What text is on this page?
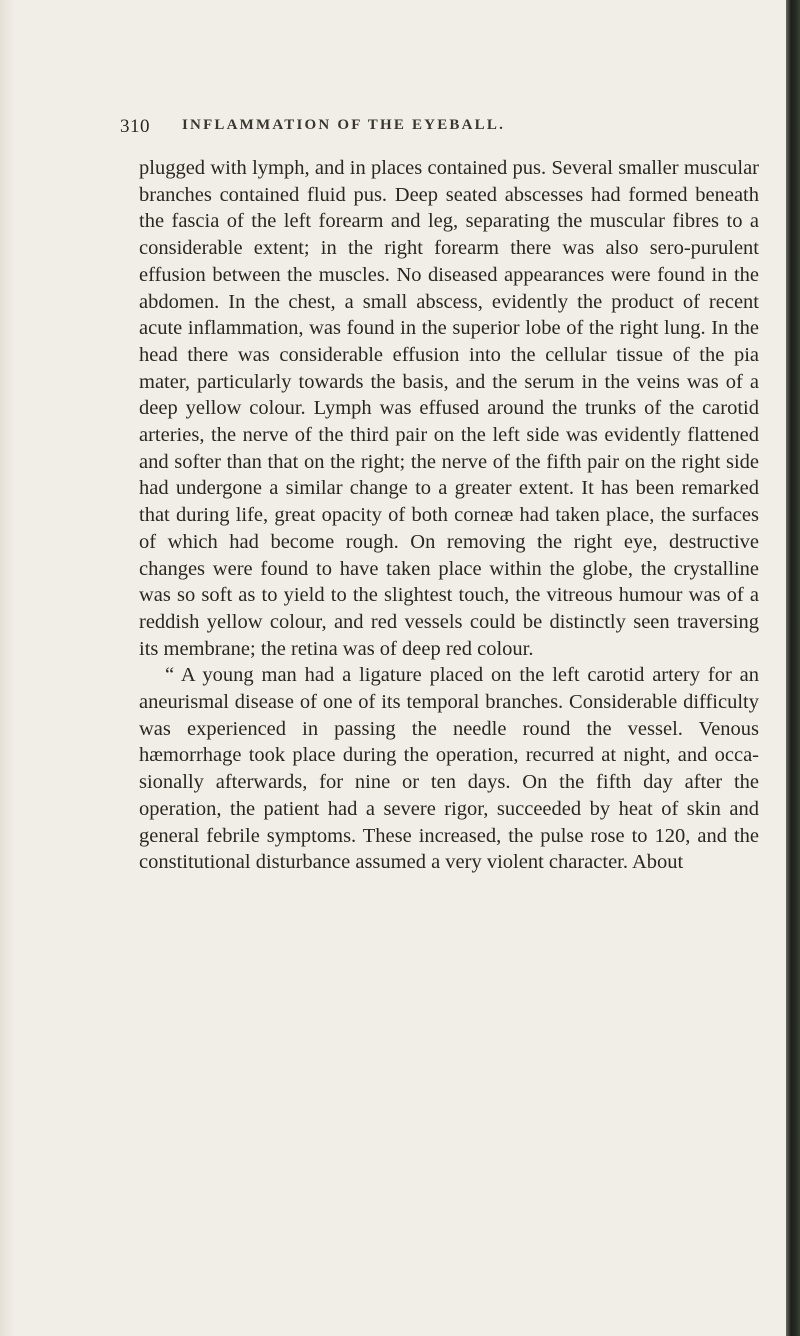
310 INFLAMMATION OF THE EYEBALL.

plugged with lymph, and in places contained pus. Several smaller muscular branches contained fluid pus. Deep seated abscesses had formed beneath the fascia of the left forearm and leg, separating the muscular fibres to a considerable extent; in the right forearm there was also sero-purulent effusion between the muscles. No diseased appearances were found in the abdomen. In the chest, a small abscess, evidently the product of recent acute inflammation, was found in the superior lobe of the right lung. In the head there was considerable effusion into the cellular tissue of the pia mater, particularly towards the basis, and the serum in the veins was of a deep yellow colour. Lymph was effused around the trunks of the carotid arteries, the nerve of the third pair on the left side was evidently flattened and softer than that on the right; the nerve of the fifth pair on the right side had undergone a similar change to a greater extent. It has been remarked that during life, great opacity of both corneæ had taken place, the surfaces of which had become rough. On removing the right eye, destructive changes were found to have taken place within the globe, the crystalline was so soft as to yield to the slightest touch, the vitreous humour was of a reddish yellow colour, and red vessels could be distinctly seen traversing its membrane; the retina was of deep red colour.

“ A young man had a ligature placed on the left carotid artery for an aneurismal disease of one of its temporal branches. Considerable difficulty was experienced in passing the needle round the vessel. Venous hæmorrhage took place during the operation, recurred at night, and occasionally afterwards, for nine or ten days. On the fifth day after the operation, the patient had a severe rigor, succeeded by heat of skin and general febrile symptoms. These increased, the pulse rose to 120, and the constitutional disturbance assumed a very violent character. About
